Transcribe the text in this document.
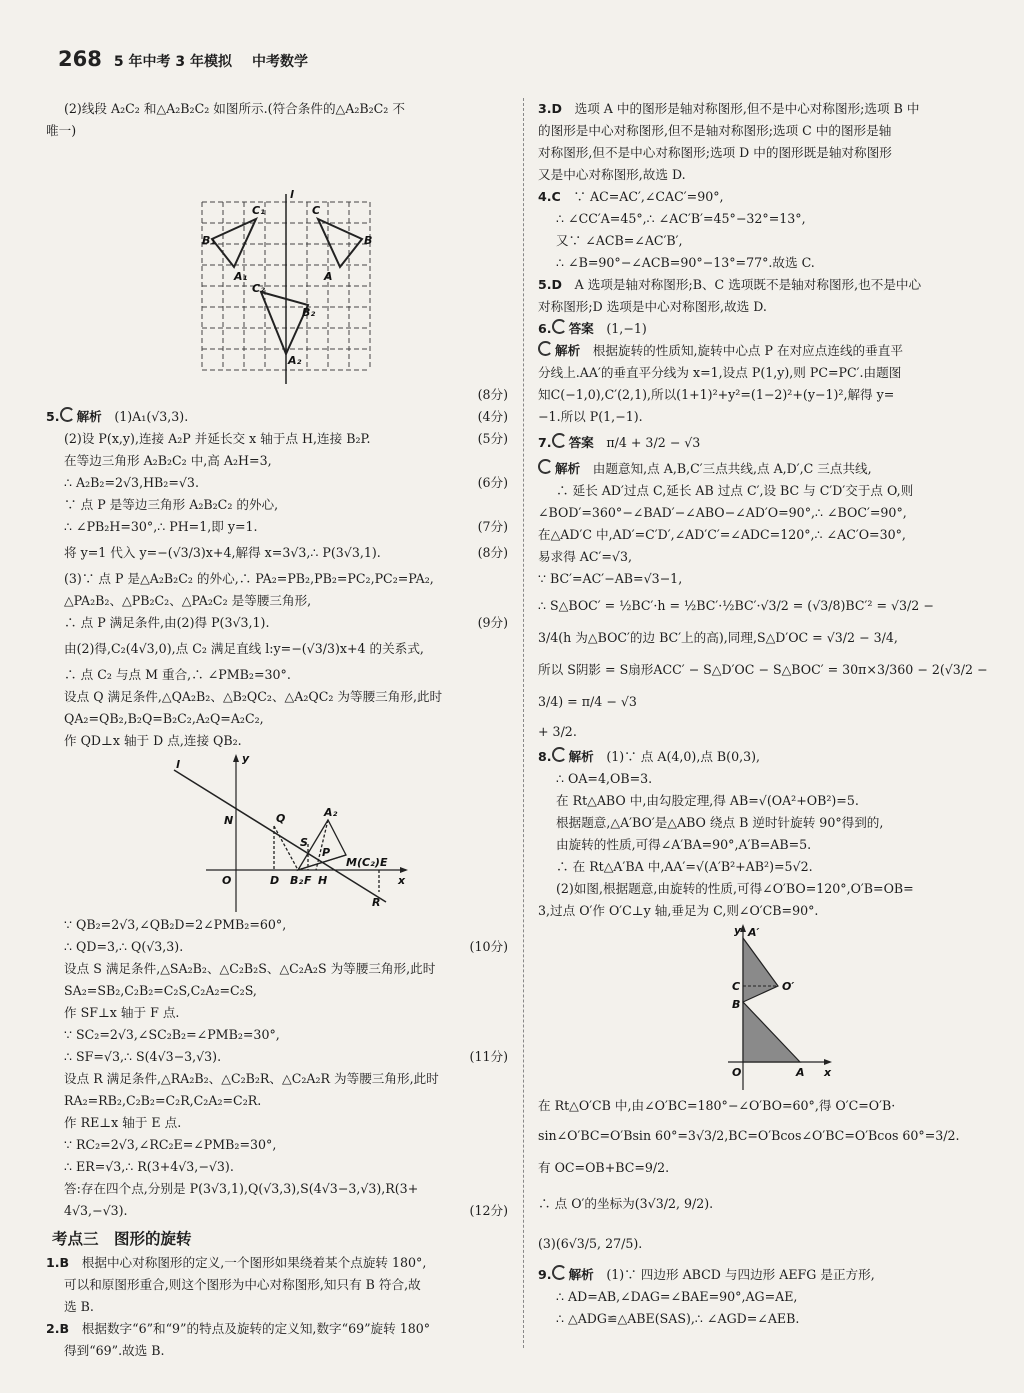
268 5 年中考 3 年模拟 中考数学

(2)线段 A₂C₂ 和△A₂B₂C₂ 如图所示.(符合条件的△A₂B₂C₂ 不

唯一)

l
C₁	C
B₁	B
A₁	A
C₂
B₂
A₂
(8分)
5. 解析　 (1)A₁(√3,3).	(4分)
(2)设 P(x,y),连接 A₂P 并延长交 x 轴于点 H,连接 B₂P.	(5分)

在等边三角形 A₂B₂C₂ 中,高 A₂H=3,

∴ A₂B₂=2√3,HB₂=√3.	(6分)

∵ 点 P 是等边三角形 A₂B₂C₂ 的外心,

∴ ∠PB₂H=30°,∴ PH=1,即 y=1.	(7分)
将 y=1 代入 y=−(√3/3)x+4,解得 x=3√3,∴ P(3√3,1).	(8分)

(3)∵ 点 P 是△A₂B₂C₂ 的外心,∴ PA₂=PB₂,PB₂=PC₂,PC₂=PA₂,

△PA₂B₂、△PB₂C₂、△PA₂C₂ 是等腰三角形,

∴ 点 P 满足条件,由(2)得 P(3√3,1).	(9分)

由(2)得,C₂(4√3,0),点 C₂ 满足直线 l:y=−(√3/3)x+4 的关系式,

∴ 点 C₂ 与点 M 重合,∴ ∠PMB₂=30°.

设点 Q 满足条件,△QA₂B₂、△B₂QC₂、△A₂QC₂ 为等腰三角形,此时

QA₂=QB₂,B₂Q=B₂C₂,A₂Q=A₂C₂,

作 QD⊥x 轴于 D 点,连接 QB₂.

l	y
N	Q	A₂
S
P
M(C₂) E
x
O	D B₂ F H
R

∵ QB₂=2√3,∠QB₂D=2∠PMB₂=60°,

∴ QD=3,∴ Q(√3,3).	(10分)

设点 S 满足条件,△SA₂B₂、△C₂B₂S、△C₂A₂S 为等腰三角形,此时

SA₂=SB₂,C₂B₂=C₂S,C₂A₂=C₂S,

作 SF⊥x 轴于 F 点.

∵ SC₂=2√3,∠SC₂B₂=∠PMB₂=30°,

∴ SF=√3,∴ S(4√3−3,√3).	(11分)

设点 R 满足条件,△RA₂B₂、△C₂B₂R、△C₂A₂R 为等腰三角形,此时

RA₂=RB₂,C₂B₂=C₂R,C₂A₂=C₂R.

作 RE⊥x 轴于 E 点.

∵ RC₂=2√3,∠RC₂E=∠PMB₂=30°,

∴ ER=√3,∴ R(3+4√3,−√3).

答:存在四个点,分别是 P(3√3,1),Q(√3,3),S(4√3−3,√3),R(3+

4√3,−√3).	(12分)
考点三　图形的旋转

1.B　 根据中心对称图形的定义,一个图形如果绕着某个点旋转 180°,

可以和原图形重合,则这个图形为中心对称图形,知只有 B 符合,故

选 B.

2.B　 根据数字“6”和“9”的特点及旋转的定义知,数字“69”旋转 180°

得到“69”.故选 B.

3.D　 选项 A 中的图形是轴对称图形,但不是中心对称图形;选项 B 中

的图形是中心对称图形,但不是轴对称图形;选项 C 中的图形是轴

对称图形,但不是中心对称图形;选项 D 中的图形既是轴对称图形

又是中心对称图形,故选 D.

4.C　 ∵ AC=AC′,∠CAC′=90°,

∴ ∠CC′A=45°,∴ ∠AC′B′=45°−32°=13°,

又∵ ∠ACB=∠AC′B′,

∴ ∠B=90°−∠ACB=90°−13°=77°.故选 C.

5.D　 A 选项是轴对称图形;B、C 选项既不是轴对称图形,也不是中心

对称图形;D 选项是中心对称图形,故选 D.

6. 答案　 (1,−1)

解析　 根据旋转的性质知,旋转中心点 P 在对应点连线的垂直平

分线上.AA′的垂直平分线为 x=1,设点 P(1,y),则 PC=PC′.由题图

知C(−1,0),C′(2,1),所以(1+1)²+y²=(1−2)²+(y−1)²,解得 y=

−1.所以 P(1,−1).

7. 答案　 π/4 + 3/2 − √3

解析　 由题意知,点 A,B,C′三点共线,点 A,D′,C 三点共线,

∴ 延长 AD′过点 C,延长 AB 过点 C′,设 BC 与 C′D′交于点 O,则

∠BOD′=360°−∠BAD′−∠ABO−∠AD′O=90°,∴ ∠BOC′=90°,

在△AD′C 中,AD′=C′D′,∠AD′C′=∠ADC=120°,∴ ∠AC′O=30°,

易求得 AC′=√3,

∵ BC′=AC′−AB=√3−1,

∴ S△BOC′ = ½BC′·h = ½BC′·½BC′·√3/2 = (√3/8)BC′² = √3/2 −

3/4(h 为△BOC′的边 BC′上的高),同理,S△D′OC = √3/2 − 3/4,

所以 S阴影 = S扇形ACC′ − S△D′OC − S△BOC′ = 30π×3/360 − 2(√3/2 − 3/4) = π/4 − √3

+ 3/2.

8. 解析　 (1)∵ 点 A(4,0),点 B(0,3),

∴ OA=4,OB=3.

在 Rt△ABO 中,由勾股定理,得 AB=√(OA²+OB²)=5.

根据题意,△A′BO′是△ABO 绕点 B 逆时针旋转 90°得到的,

由旋转的性质,可得∠A′BA=90°,A′B=AB=5.

∴ 在 Rt△A′BA 中,AA′=√(A′B²+AB²)=5√2.

(2)如图,根据题意,由旋转的性质,可得∠O′BO=120°,O′B=OB=

3,过点 O′作 O′C⊥y 轴,垂足为 C,则∠O′CB=90°.

y A′
C	O′
B
O	A x

在 Rt△O′CB 中,由∠O′BC=180°−∠O′BO=60°,得 O′C=O′B·

sin∠O′BC=O′Bsin 60°=3√3/2,BC=O′Bcos∠O′BC=O′Bcos 60°=3/2.

有 OC=OB+BC=9/2.

∴ 点 O′的坐标为(3√3/2, 9/2).

(3)(6√3/5, 27/5).

9. 解析　 (1)∵ 四边形 ABCD 与四边形 AEFG 是正方形,

∴ AD=AB,∠DAG=∠BAE=90°,AG=AE,

∴ △ADG≌△ABE(SAS),∴ ∠AGD=∠AEB.
